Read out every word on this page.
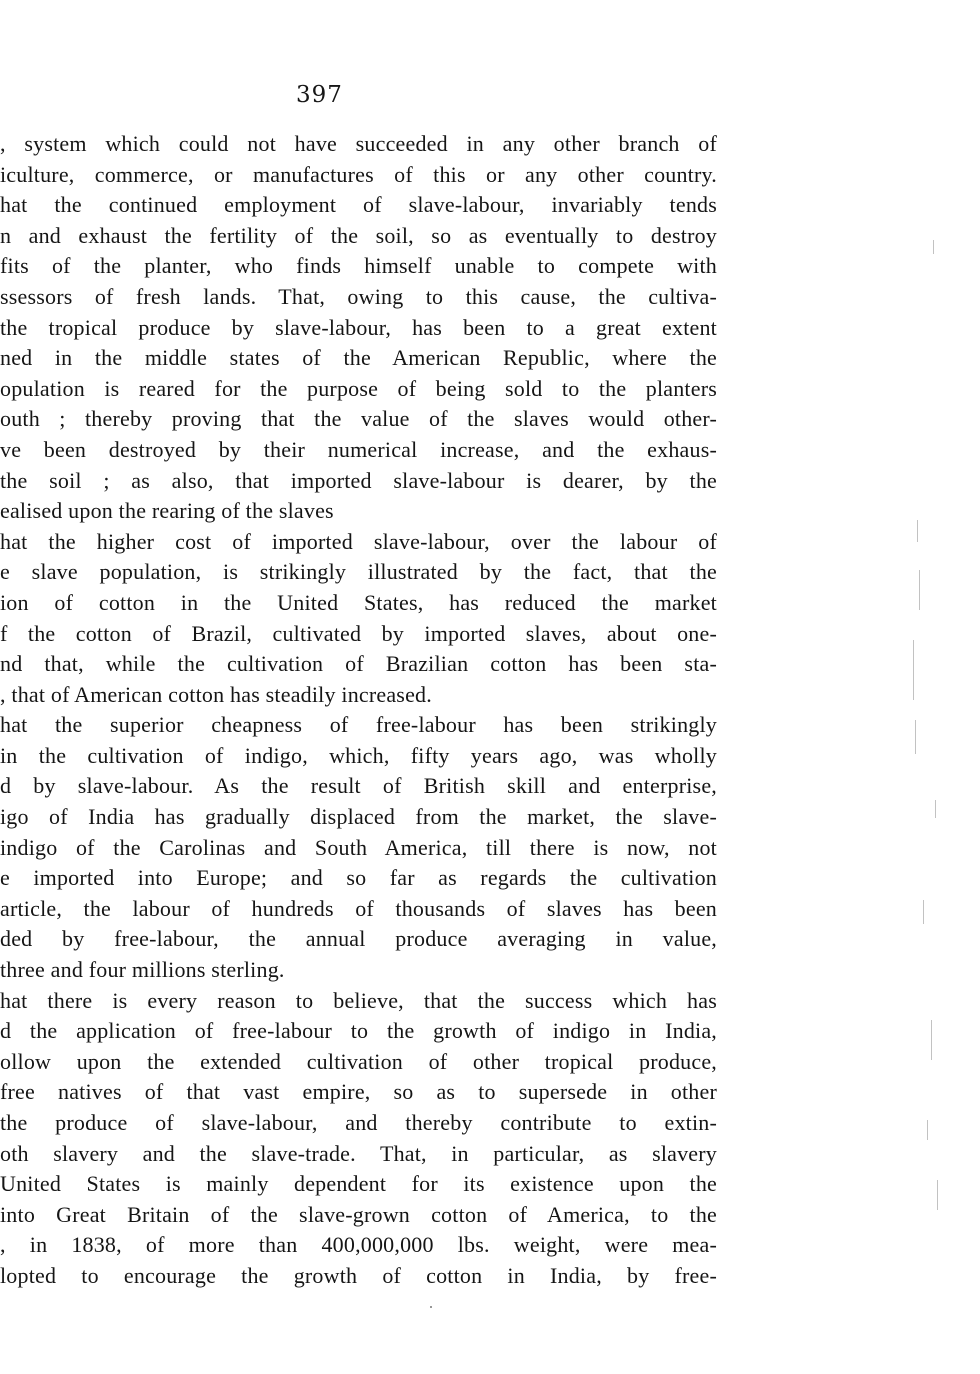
397
, system which could not have succeeded in any other branch of
iculture, commerce, or manufactures of this or any other country.
hat the continued employment of slave-labour, invariably tends
n and exhaust the fertility of the soil, so as eventually to destroy
fits of the planter, who finds himself unable to compete with
ssessors of fresh lands. That, owing to this cause, the cultiva-
the tropical produce by slave-labour, has been to a great extent
ned in the middle states of the American Republic, where the
opulation is reared for the purpose of being sold to the planters
outh ; thereby proving that the value of the slaves would other-
ve been destroyed by their numerical increase, and the exhaus-
the soil ; as also, that imported slave-labour is dearer, by the
ealised upon the rearing of the slaves
hat the higher cost of imported slave-labour, over the labour of
e slave population, is strikingly illustrated by the fact, that the
ion of cotton in the United States, has reduced the market
f the cotton of Brazil, cultivated by imported slaves, about one-
nd that, while the cultivation of Brazilian cotton has been sta-
, that of American cotton has steadily increased.
hat the superior cheapness of free-labour has been strikingly
in the cultivation of indigo, which, fifty years ago, was wholly
d by slave-labour. As the result of British skill and enterprise,
igo of India has gradually displaced from the market, the slave-
indigo of the Carolinas and South America, till there is now, not
e imported into Europe; and so far as regards the cultivation
article, the labour of hundreds of thousands of slaves has been
ded by free-labour, the annual produce averaging in value,
three and four millions sterling.
hat there is every reason to believe, that the success which has
d the application of free-labour to the growth of indigo in India,
ollow upon the extended cultivation of other tropical produce,
free natives of that vast empire, so as to supersede in other
the produce of slave-labour, and thereby contribute to extin-
oth slavery and the slave-trade. That, in particular, as slavery
United States is mainly dependent for its existence upon the
into Great Britain of the slave-grown cotton of America, to the
, in 1838, of more than 400,000,000 lbs. weight, were mea-
lopted to encourage the growth of cotton in India, by free-
